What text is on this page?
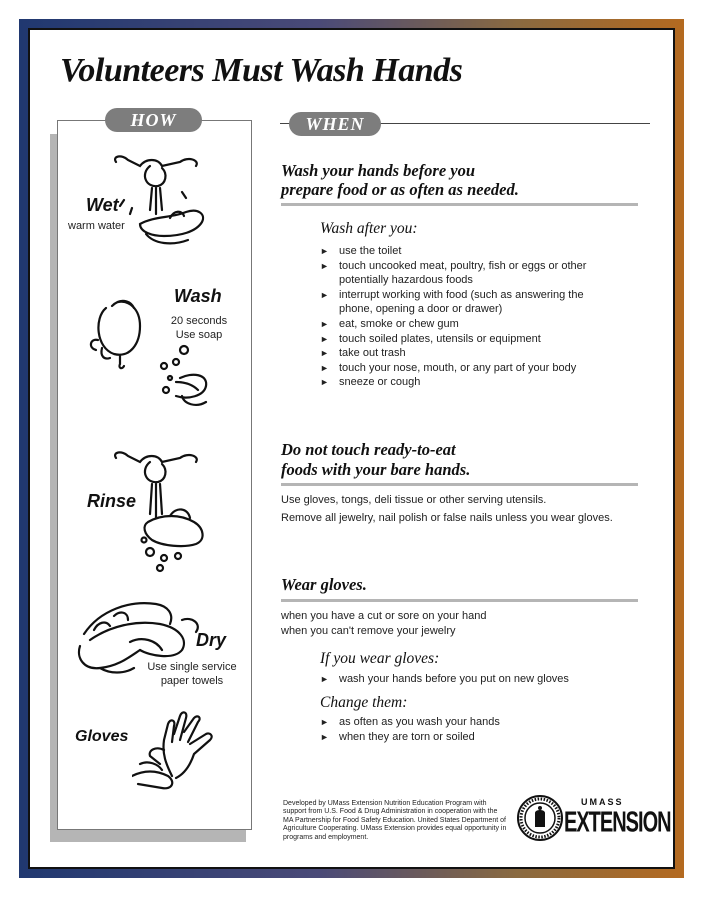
Volunteers Must Wash Hands
HOW
Wet
warm water
Wash
20 seconds
Use soap
Rinse
Dry
Use single service
paper towels
Gloves
WHEN
Wash your hands before you
prepare food or as often as needed.
Wash after you:
► use the toilet
► touch uncooked meat, poultry, fish or eggs or other potentially hazardous foods
► interrupt working with food (such as answering the phone, opening a door or drawer)
► eat, smoke or chew gum
► touch soiled plates, utensils or equipment
► take out trash
► touch your nose, mouth, or any part of your body
► sneeze or cough
Do not touch ready-to-eat
foods with your bare hands.

Use gloves, tongs, deli tissue or other serving utensils.

Remove all jewelry, nail polish or false nails unless you wear gloves.

Wear gloves.

when you have a cut or sore on your hand

when you can't remove your jewelry

If you wear gloves:
► wash your hands before you put on new gloves
Change them:
► as often as you wash your hands
► when they are torn or soiled

Developed by UMass Extension Nutrition Education Program with support from U.S. Food & Drug Administration in cooperation with the MA Partnership for Food Safety Education. United States Department of Agriculture Cooperating. UMass Extension provides equal opportunity in programs and employment.

UMASS
EXTENSION
